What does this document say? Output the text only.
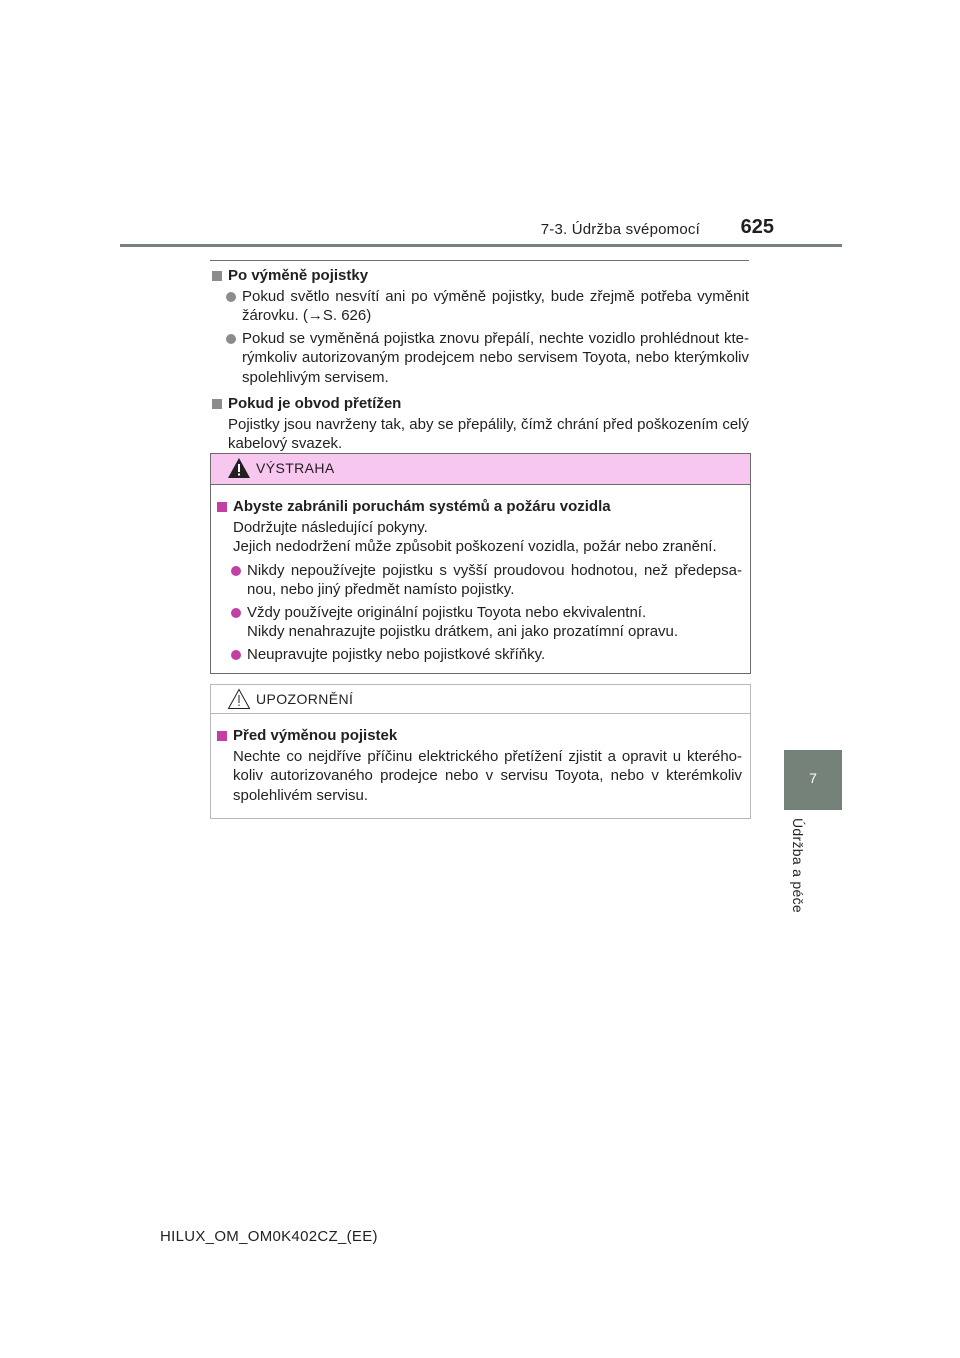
7-3. Údržba svépomocí 625
7
Údržba a péče
Po výměně pojistky
Pokud světlo nesvítí ani po výměně pojistky, bude zřejmě potřeba vyměnit žárovku. (→S. 626)
Pokud se vyměněná pojistka znovu přepálí, nechte vozidlo prohlédnout kte-rýmkoliv autorizovaným prodejcem nebo servisem Toyota, nebo kterýmkoliv spolehlivým servisem.
Pokud je obvod přetížen
Pojistky jsou navrženy tak, aby se přepálily, čímž chrání před poškozením celý kabelový svazek.
VÝSTRAHA
Abyste zabránili poruchám systémů a požáru vozidla
Dodržujte následující pokyny.
Jejich nedodržení může způsobit poškození vozidla, požár nebo zranění.
Nikdy nepoužívejte pojistku s vyšší proudovou hodnotou, než předepsa-nou, nebo jiný předmět namísto pojistky.
Vždy používejte originální pojistku Toyota nebo ekvivalentní.
Nikdy nenahrazujte pojistku drátkem, ani jako prozatímní opravu.
Neupravujte pojistky nebo pojistkové skříňky.
UPOZORNĚNÍ
Před výměnou pojistek
Nechte co nejdříve příčinu elektrického přetížení zjistit a opravit u kterého-koliv autorizovaného prodejce nebo v servisu Toyota, nebo v kterémkoliv spolehlivém servisu.
HILUX_OM_OM0K402CZ_(EE)
